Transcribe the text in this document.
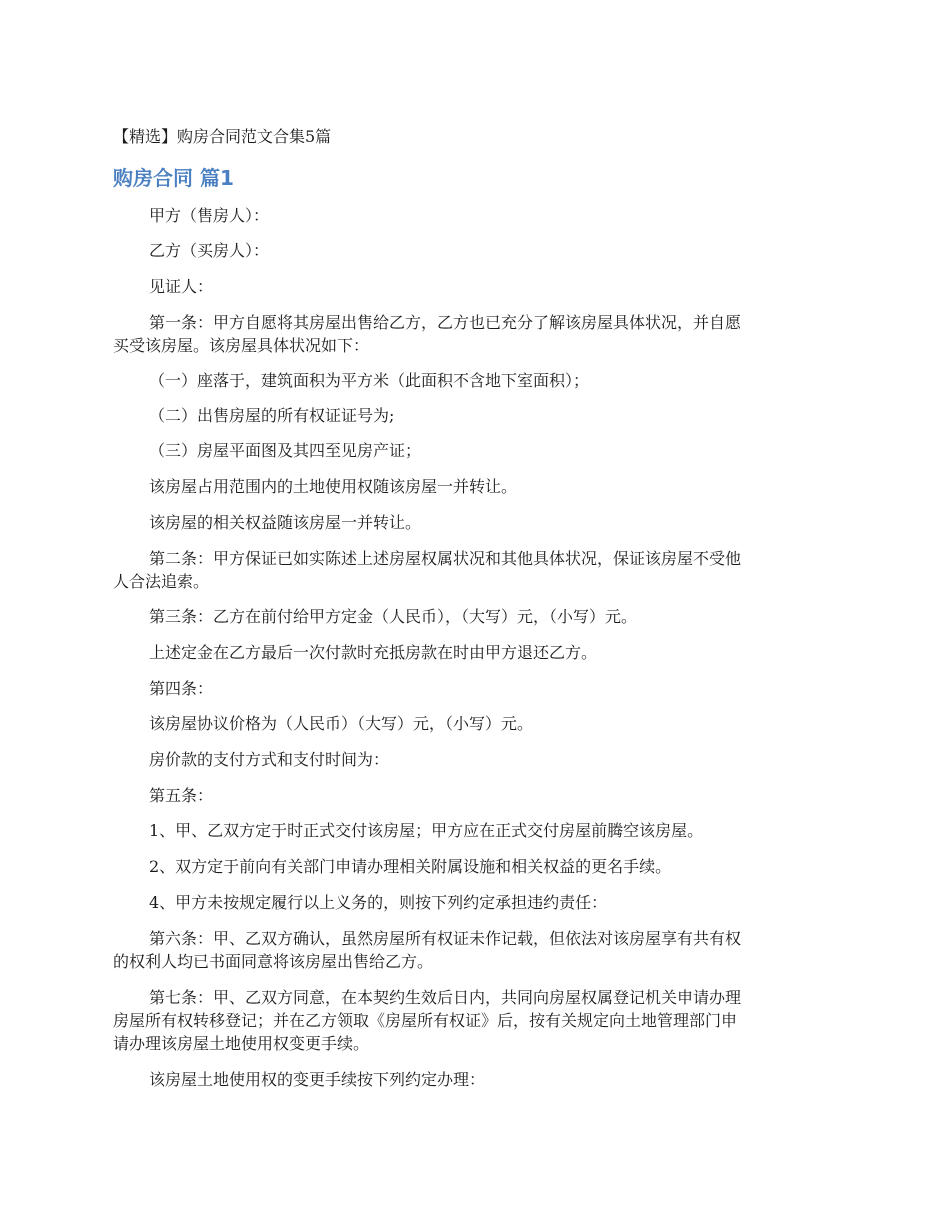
【精选】购房合同范文合集5篇
购房合同 篇1
甲方（售房人）：
乙方（买房人）：
见证人：
第一条：甲方自愿将其房屋出售给乙方，乙方也已充分了解该房屋具体状况，并自愿
买受该房屋。该房屋具体状况如下：
（一）座落于，建筑面积为平方米（此面积不含地下室面积）；
（二）出售房屋的所有权证证号为;
（三）房屋平面图及其四至见房产证；
该房屋占用范围内的土地使用权随该房屋一并转让。
该房屋的相关权益随该房屋一并转让。
第二条：甲方保证已如实陈述上述房屋权属状况和其他具体状况，保证该房屋不受他
人合法追索。
第三条：乙方在前付给甲方定金（人民币），（大写）元，（小写）元。
上述定金在乙方最后一次付款时充抵房款在时由甲方退还乙方。
第四条：
该房屋协议价格为（人民币）（大写）元，（小写）元。
房价款的支付方式和支付时间为：
第五条：
1、甲、乙双方定于时正式交付该房屋；甲方应在正式交付房屋前腾空该房屋。
2、双方定于前向有关部门申请办理相关附属设施和相关权益的更名手续。
4、甲方未按规定履行以上义务的，则按下列约定承担违约责任：
第六条：甲、乙双方确认，虽然房屋所有权证未作记载，但依法对该房屋享有共有权
的权利人均已书面同意将该房屋出售给乙方。
第七条：甲、乙双方同意，在本契约生效后日内，共同向房屋权属登记机关申请办理
房屋所有权转移登记；并在乙方领取《房屋所有权证》后，按有关规定向土地管理部门申
请办理该房屋土地使用权变更手续。
该房屋土地使用权的变更手续按下列约定办理：
